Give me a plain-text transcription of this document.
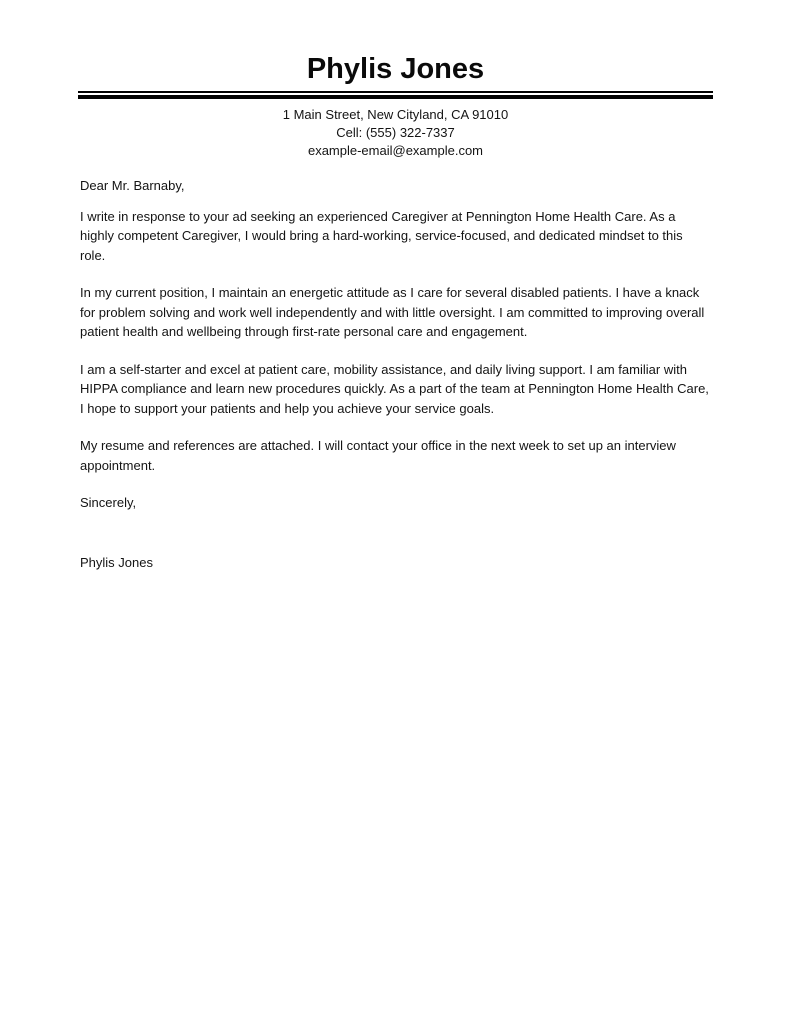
Phylis Jones
1 Main Street, New Cityland, CA 91010
Cell: (555) 322-7337
example-email@example.com

Dear Mr. Barnaby,

I write in response to your ad seeking an experienced Caregiver at Pennington Home Health Care. As a highly competent Caregiver, I would bring a hard-working, service-focused, and dedicated mindset to this role.

In my current position, I maintain an energetic attitude as I care for several disabled patients. I have a knack for problem solving and work well independently and with little oversight. I am committed to improving overall patient health and wellbeing through first-rate personal care and engagement.

I am a self-starter and excel at patient care, mobility assistance, and daily living support. I am familiar with HIPPA compliance and learn new procedures quickly. As a part of the team at Pennington Home Health Care, I hope to support your patients and help you achieve your service goals.

My resume and references are attached. I will contact your office in the next week to set up an interview appointment.

Sincerely,

Phylis Jones
